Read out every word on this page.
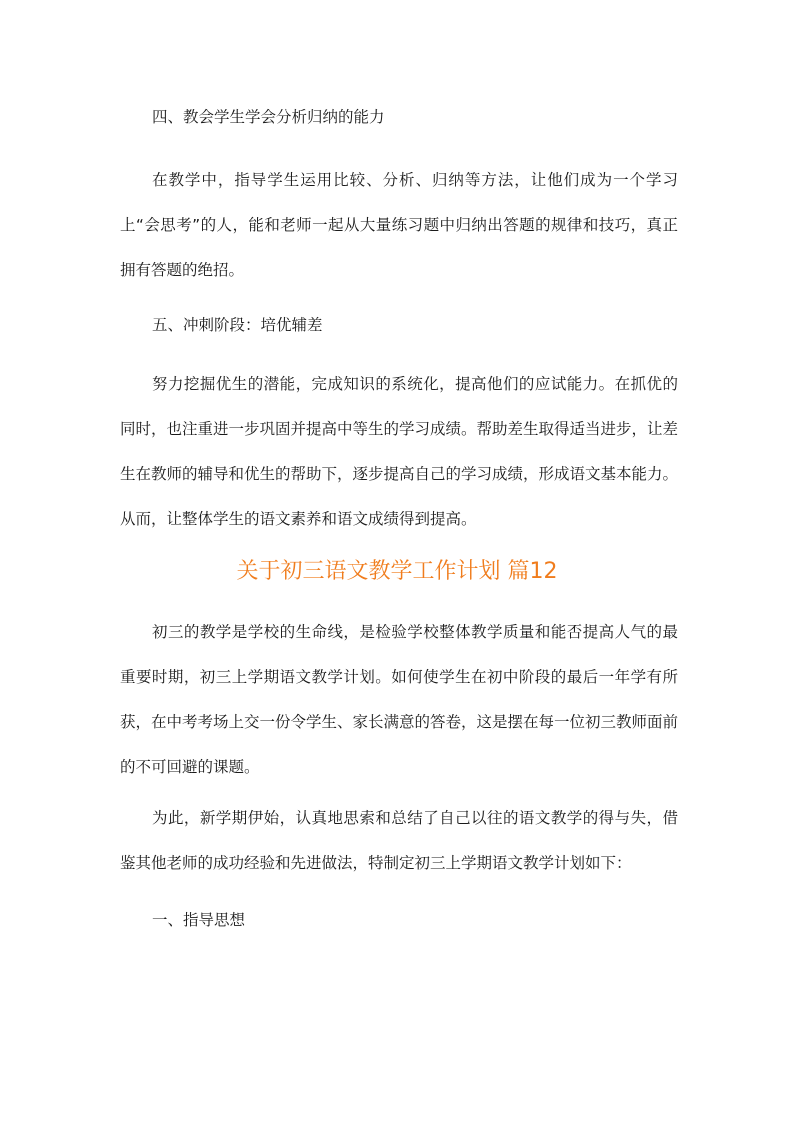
四、教会学生学会分析归纳的能力

在教学中，指导学生运用比较、分析、归纳等方法，让他们成为一个学习上“会思考”的人，能和老师一起从大量练习题中归纳出答题的规律和技巧，真正拥有答题的绝招。

五、冲刺阶段：培优辅差

努力挖掘优生的潜能，完成知识的系统化，提高他们的应试能力。在抓优的同时，也注重进一步巩固并提高中等生的学习成绩。帮助差生取得适当进步，让差生在教师的辅导和优生的帮助下，逐步提高自己的学习成绩，形成语文基本能力。从而，让整体学生的语文素养和语文成绩得到提高。

关于初三语文教学工作计划 篇12

初三的教学是学校的生命线，是检验学校整体教学质量和能否提高人气的最重要时期，初三上学期语文教学计划。如何使学生在初中阶段的最后一年学有所获，在中考考场上交一份令学生、家长满意的答卷，这是摆在每一位初三教师面前的不可回避的课题。

为此，新学期伊始，认真地思索和总结了自己以往的语文教学的得与失，借鉴其他老师的成功经验和先进做法，特制定初三上学期语文教学计划如下：

一、指导思想
